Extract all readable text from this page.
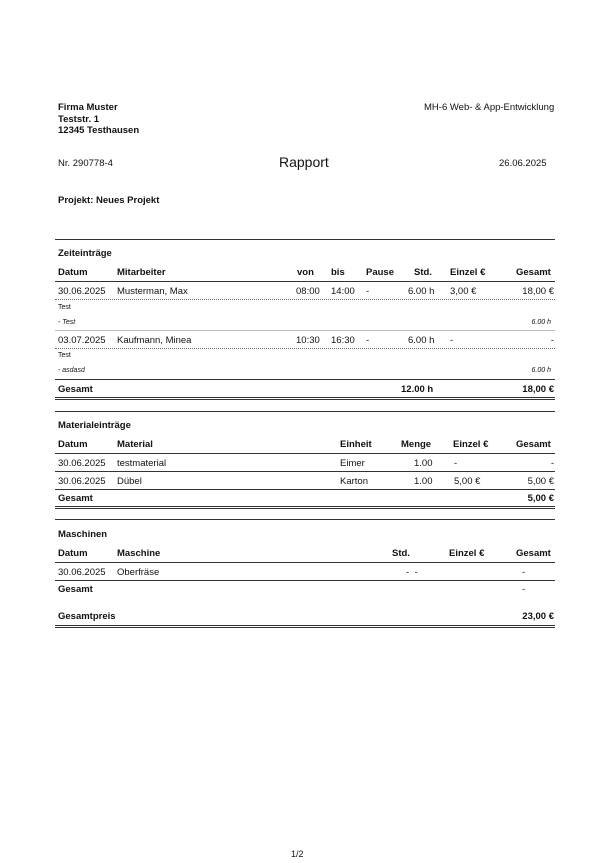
Firma Muster
Teststr. 1
12345 Testhausen
MH-6 Web- & App-Entwicklung
Nr. 290778-4	Rapport	26.06.2025
Projekt: Neues Projekt
Zeiteinträge
Datum	Mitarbeiter	von bis Pause Std. Einzel €	Gesamt
30.06.2025 Musterman, Max	08:00 14:00 -	6.00 h 3,00 €	18,00 €
Test
- Test	6.00 h
03.07.2025 Kaufmann, Minea	10:30 16:30 -	6.00 h -	-
Test
- asdasd	6.00 h
Gesamt	12.00 h	18,00 €
Materialeinträge
Datum	Material	Einheit	Menge Einzel €	Gesamt
30.06.2025 testmaterial	Eimer	1.00 -	-
30.06.2025 Dübel	Karton	1.00 5,00 €	5,00 €
Gesamt	5,00 €
Maschinen
Datum	Maschine	Std.	Einzel €	Gesamt
30.06.2025 Oberfräse	-  -	-
Gesamt	-
Gesamtpreis	23,00 €
1/2
